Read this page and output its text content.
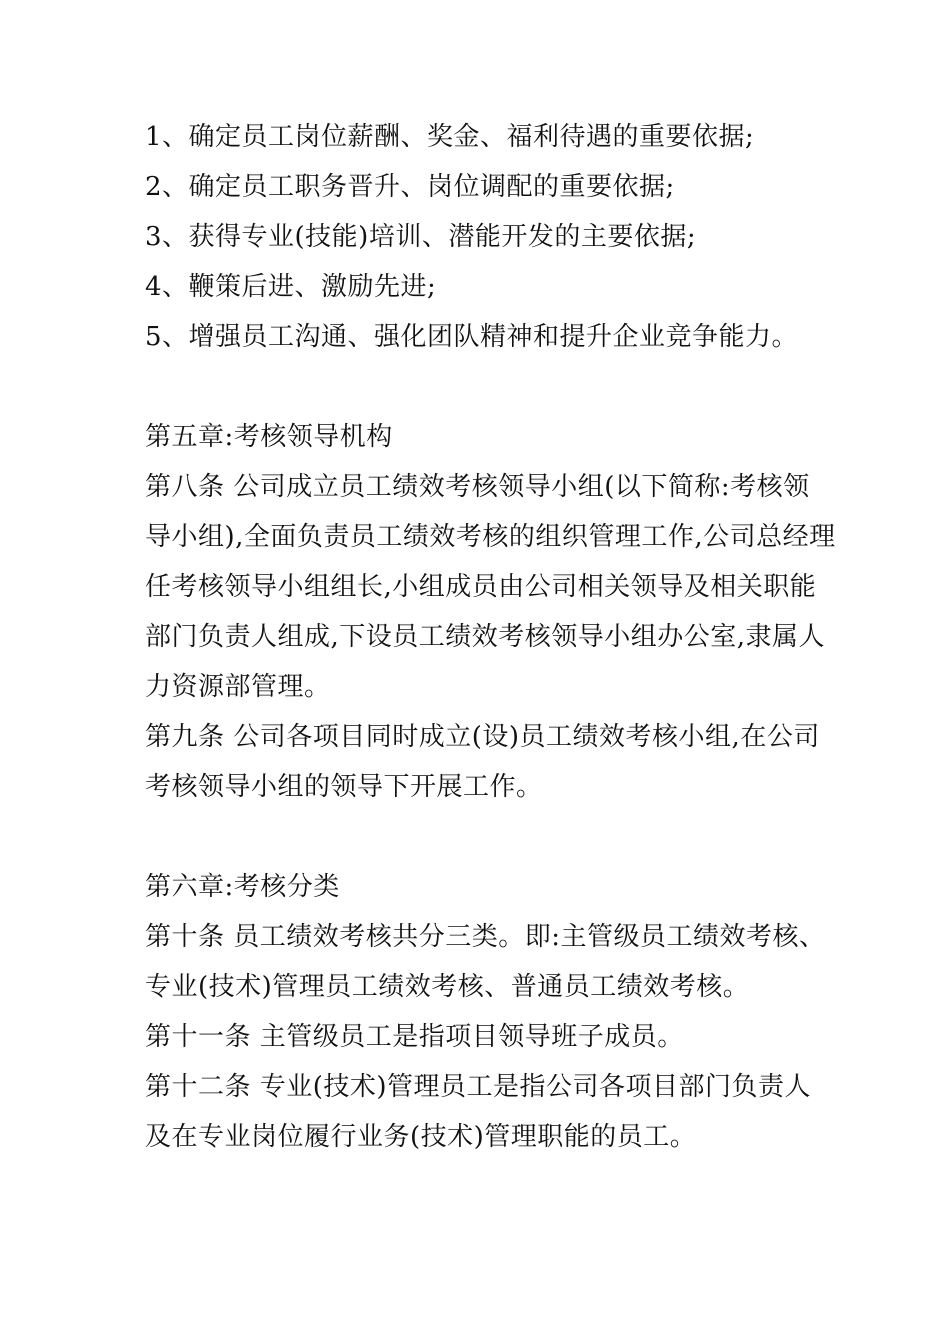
1、确定员工岗位薪酬、奖金、福利待遇的重要依据;
2、确定员工职务晋升、岗位调配的重要依据;
3、获得专业(技能)培训、潜能开发的主要依据;
4、鞭策后进、激励先进;
5、增强员工沟通、强化团队精神和提升企业竞争能力。
第五章:考核领导机构
第八条 公司成立员工绩效考核领导小组(以下简称:考核领
导小组),全面负责员工绩效考核的组织管理工作,公司总经理
任考核领导小组组长,小组成员由公司相关领导及相关职能
部门负责人组成,下设员工绩效考核领导小组办公室,隶属人
力资源部管理。
第九条 公司各项目同时成立(设)员工绩效考核小组,在公司
考核领导小组的领导下开展工作。
第六章:考核分类
第十条 员工绩效考核共分三类。即:主管级员工绩效考核、
专业(技术)管理员工绩效考核、普通员工绩效考核。
第十一条 主管级员工是指项目领导班子成员。
第十二条 专业(技术)管理员工是指公司各项目部门负责人
及在专业岗位履行业务(技术)管理职能的员工。
